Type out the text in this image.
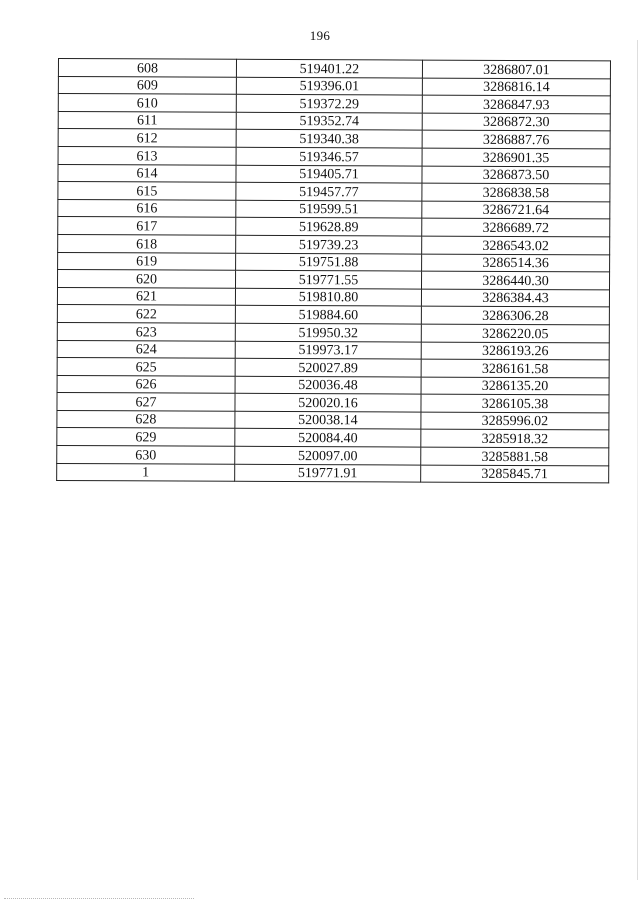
196
608	519401.22	3286807.01
609	519396.01	3286816.14
610	519372.29	3286847.93
611	519352.74	3286872.30
612	519340.38	3286887.76
613	519346.57	3286901.35
614	519405.71	3286873.50
615	519457.77	3286838.58
616	519599.51	3286721.64
617	519628.89	3286689.72
618	519739.23	3286543.02
619	519751.88	3286514.36
620	519771.55	3286440.30
621	519810.80	3286384.43
622	519884.60	3286306.28
623	519950.32	3286220.05
624	519973.17	3286193.26
625	520027.89	3286161.58
626	520036.48	3286135.20
627	520020.16	3286105.38
628	520038.14	3285996.02
629	520084.40	3285918.32
630	520097.00	3285881.58
1	519771.91	3285845.71
